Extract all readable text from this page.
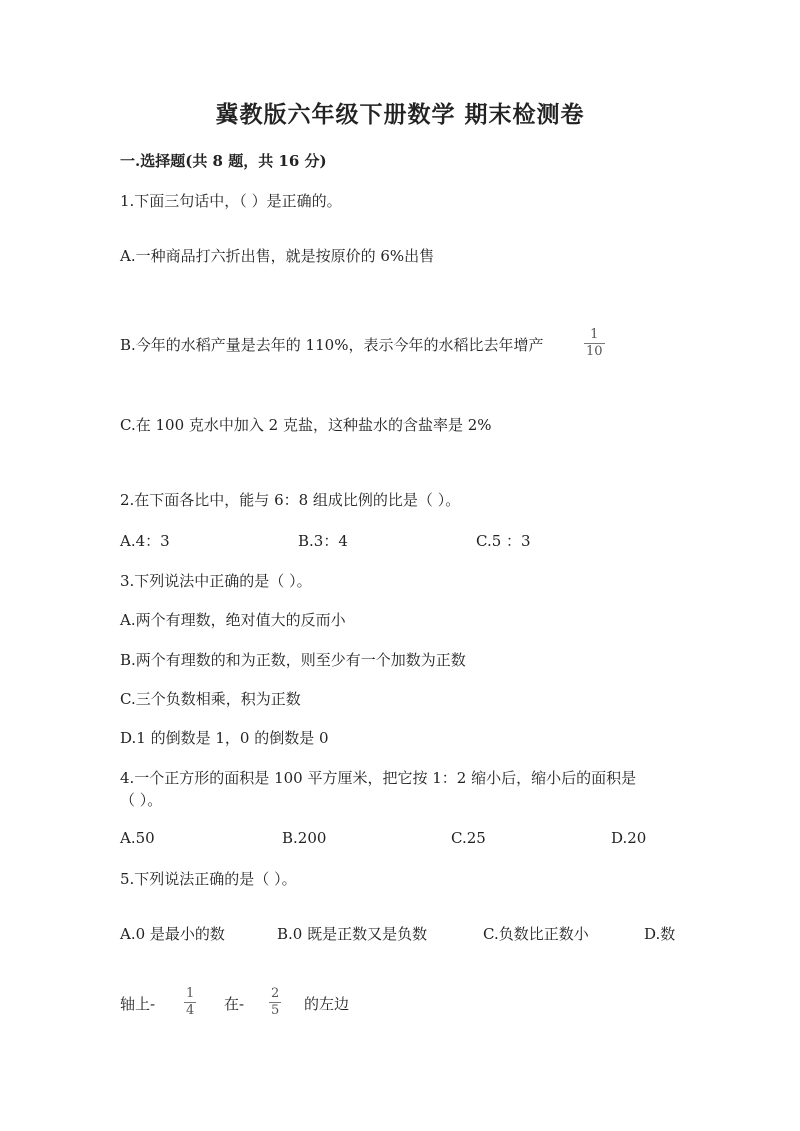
冀教版六年级下册数学 期末检测卷
一.选择题(共 8 题，共 16 分)
1.下面三句话中，（ ）是正确的。
A.一种商品打六折出售，就是按原价的 6%出售
B.今年的水稻产量是去年的 110%，表示今年的水稻比去年增产
1
10
C.在 100 克水中加入 2 克盐，这种盐水的含盐率是 2%
2.在下面各比中，能与 6：8 组成比例的比是（ ）。
A.4：3	B.3：4	C.5 ：3
3.下列说法中正确的是（ ）。
A.两个有理数，绝对值大的反而小
B.两个有理数的和为正数，则至少有一个加数为正数
C.三个负数相乘，积为正数
D.1 的倒数是 1，0 的倒数是 0
4.一个正方形的面积是 100 平方厘米，把它按 1：2 缩小后，缩小后的面积是
（ ）。
A.50	B.200	C.25	D.20
5.下列说法正确的是（ ）。
A.0 是最小的数	B.0 既是正数又是负数	C.负数比正数小	D.数
轴上-
1
4 在-
2
5 的左边
